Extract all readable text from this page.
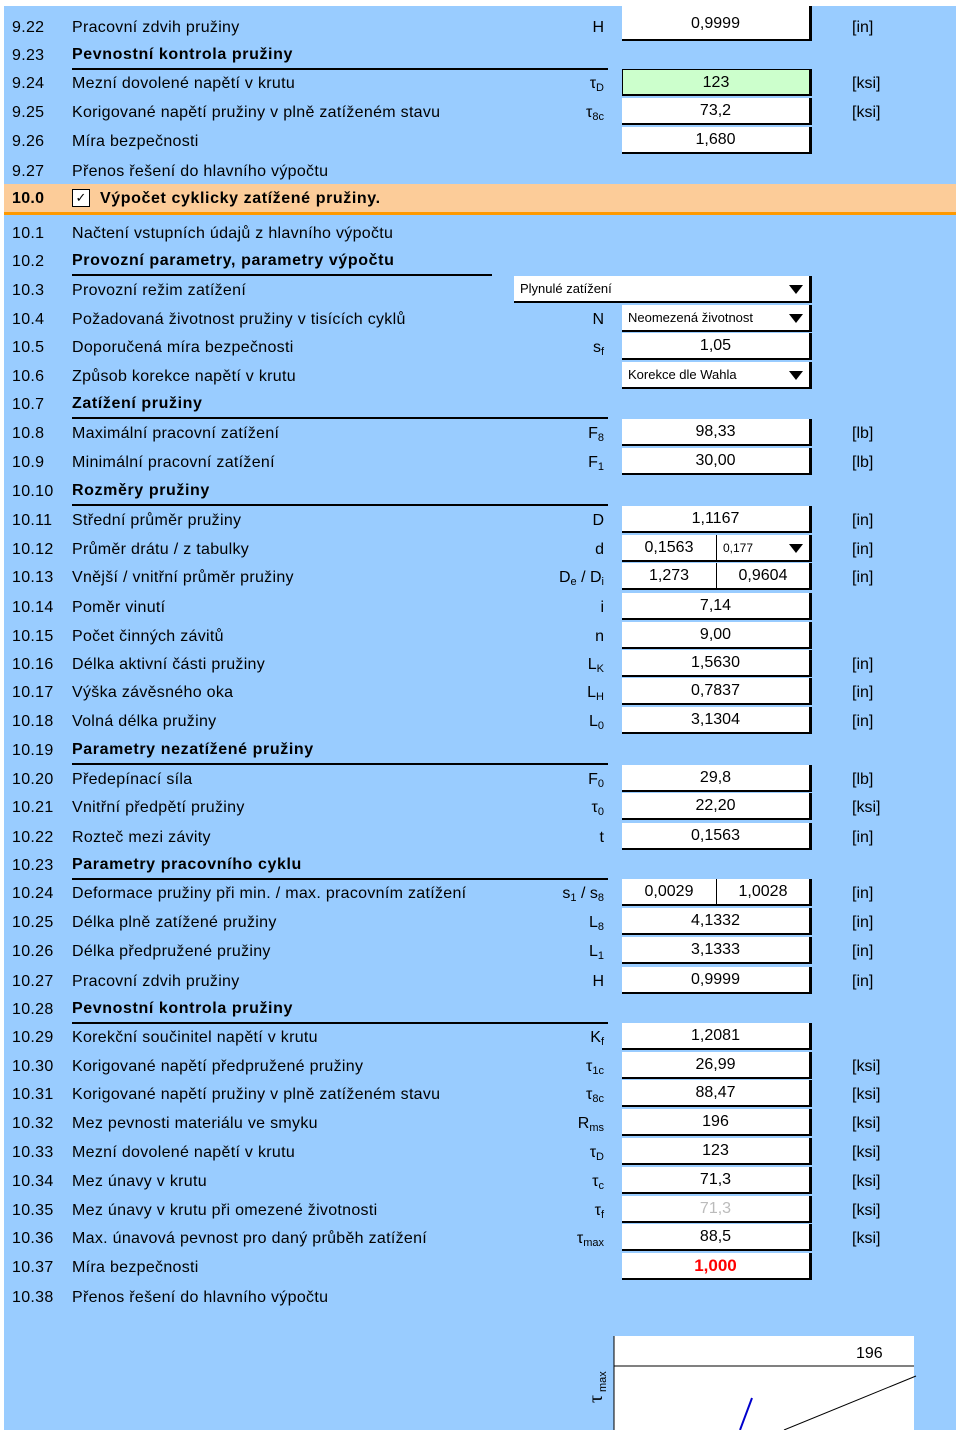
9.22 Pracovní zdvih pružiny	H	0,9999	[in]
9.23 Pevnostní kontrola pružiny
9.24 Mezní dovolené napětí v krutu	$\tau_D$	123	[ksi]
9.25 Korigované napětí pružiny v plně zatíženém stavu	$\tau_{8c}$	73,2	[ksi]
9.26 Míra bezpečnosti	1,680
9.27 Přenos řešení do hlavního výpočtu
10.0 ✓ Výpočet cyklicky zatížené pružiny.
10.1 Načtení vstupních údajů z hlavního výpočtu
10.2 Provozní parametry, parametry výpočtu
10.3 Provozní režim zatížení	Plynulé zatížení
10.4 Požadovaná životnost pružiny v tisících cyklů	N	Neomezená životnost
10.5 Doporučená míra bezpečnosti	$s_f$	1,05
10.6 Způsob korekce napětí v krutu	Korekce dle Wahla
10.7 Zatížení pružiny
10.8 Maximální pracovní zatížení	$F_8$	98,33	[lb]
10.9 Minimální pracovní zatížení	$F_1$	30,00	[lb]
10.10 Rozměry pružiny
10.11 Střední průměr pružiny	D	1,1167	[in]
10.12 Průměr drátu / z tabulky	d	0,1563	0,177	[in]
10.13 Vnější / vnitřní průměr pružiny	$D_e / D_i$	1,273	0,9604	[in]
10.14 Poměr vinutí	i	7,14
10.15 Počet činných závitů	n	9,00
10.16 Délka aktivní části pružiny	$L_K$	1,5630	[in]
10.17 Výška závěsného oka	$L_H$	0,7837	[in]
10.18 Volná délka pružiny	$L_0$	3,1304	[in]
10.19 Parametry nezatížené pružiny
10.20 Předepínací síla	$F_0$	29,8	[lb]
10.21 Vnitřní předpětí pružiny	$\tau_0$	22,20	[ksi]
10.22 Rozteč mezi závity	t	0,1563	[in]
10.23 Parametry pracovního cyklu
10.24 Deformace pružiny při min. / max. pracovním zatížení	$s_1 / s_8$	0,0029	1,0028	[in]
10.25 Délka plně zatížené pružiny	$L_8$	4,1332	[in]
10.26 Délka předpružené pružiny	$L_1$	3,1333	[in]
10.27 Pracovní zdvih pružiny	H	0,9999	[in]
10.28 Pevnostní kontrola pružiny
10.29 Korekční součinitel napětí v krutu	$K_f$	1,2081
10.30 Korigované napětí předpružené pružiny	$\tau_{1c}$	26,99	[ksi]
10.31 Korigované napětí pružiny v plně zatíženém stavu	$\tau_{8c}$	88,47	[ksi]
10.32 Mez pevnosti materiálu ve smyku	$R_{ms}$	196	[ksi]
10.33 Mezní dovolené napětí v krutu	$\tau_D$	123	[ksi]
10.34 Mez únavy v krutu	$\tau_c$	71,3	[ksi]
10.35 Mez únavy v krutu při omezené životnosti	$\tau_f$	71,3	[ksi]
10.36 Max. únavová pevnost pro daný průběh zatížení	$\tau_{max}$	88,5	[ksi]
10.37 Míra bezpečnosti	1,000
10.38 Přenos řešení do hlavního výpočtu
196
τ
max
